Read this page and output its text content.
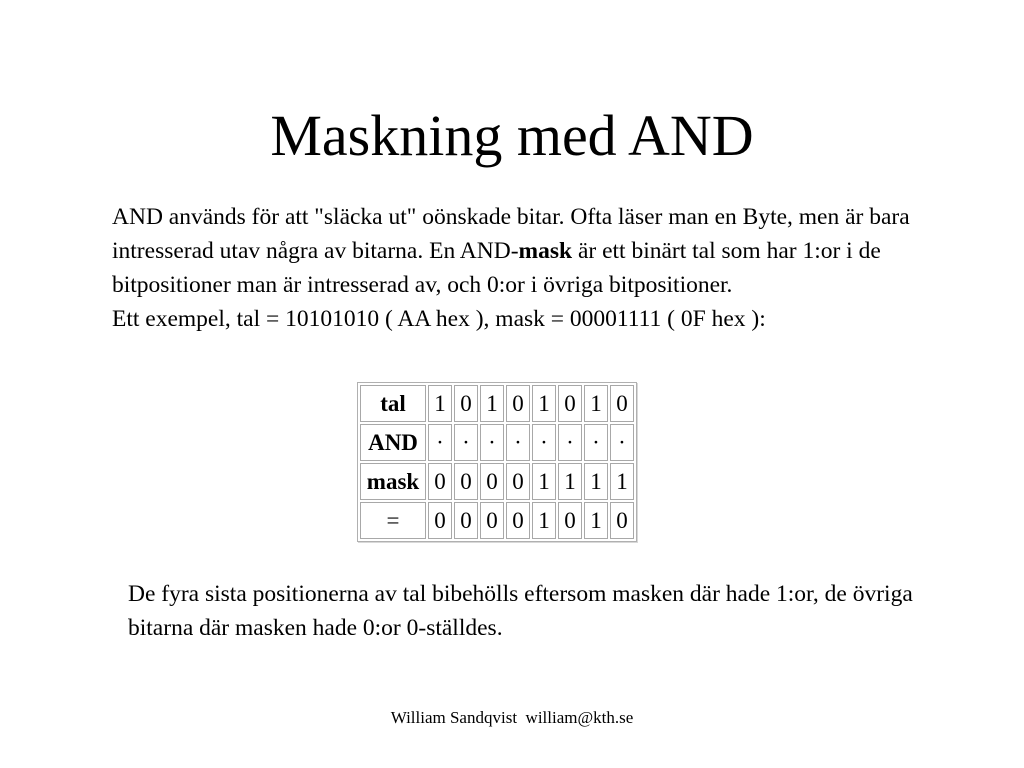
Maskning med AND

AND används för att "släcka ut" oönskade bitar. Ofta läser man en Byte, men är bara intresserad utav några av bitarna. En AND-mask är ett binärt tal som har 1:or i de bitpositioner man är intresserad av, och 0:or i övriga bitpositioner.

Ett exempel, tal = 10101010 ( AA hex ), mask = 00001111 ( 0F hex ):

tal	1	0	1	0	1	0	1	0
AND	·	·	·	·	·	·	·	·
mask	0	0	0	0	1	1	1	1
=	0	0	0	0	1	0	1	0

De fyra sista positionerna av tal bibehölls eftersom masken där hade 1:or, de övriga bitarna där masken hade 0:or 0-ställdes.

William Sandqvist  william@kth.se
